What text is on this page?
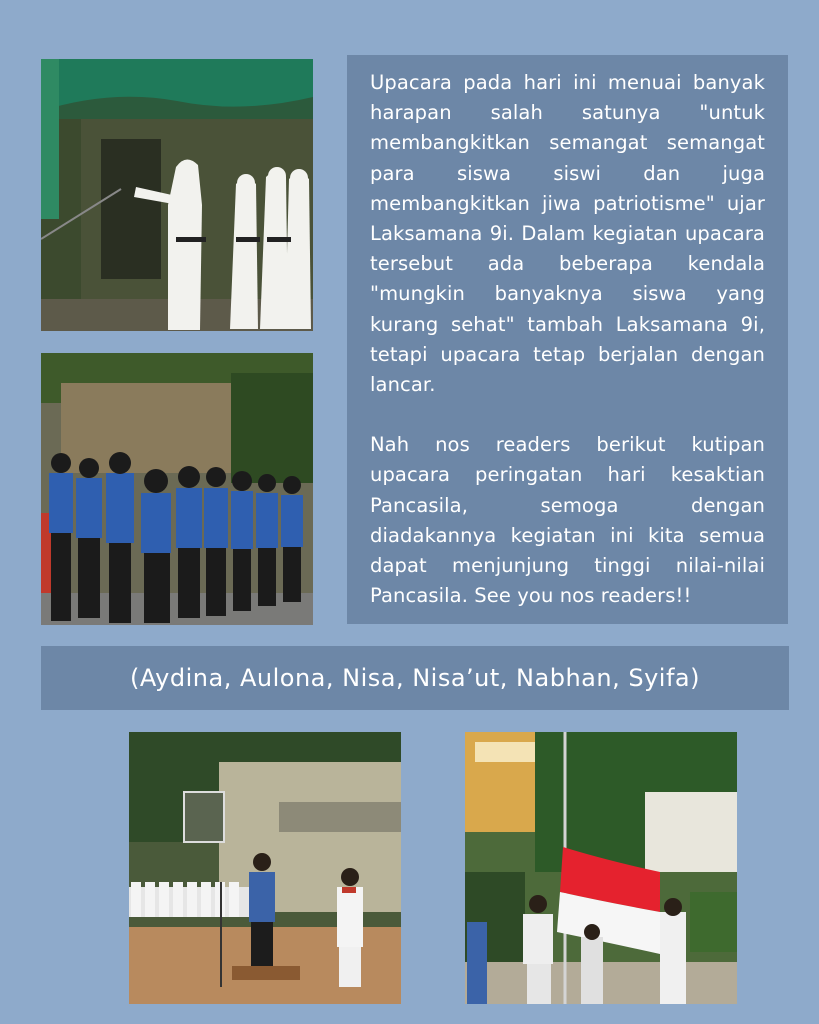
Upacara pada hari ini menuai banyak harapan salah satunya "untuk membangkitkan semangat semangat para siswa siswi dan juga membangkitkan jiwa patriotisme" ujar Laksamana 9i. Dalam kegiatan upacara tersebut ada beberapa kendala "mungkin banyaknya siswa yang kurang sehat" tambah Laksamana 9i, tetapi upacara tetap berjalan dengan lancar.

Nah nos readers berikut kutipan upacara peringatan hari kesaktian Pancasila, semoga dengan diadakannya kegiatan ini kita semua dapat menjunjung tinggi nilai-nilai Pancasila. See you nos readers!!

(Aydina, Aulona, Nisa, Nisa’ut, Nabhan, Syifa)
